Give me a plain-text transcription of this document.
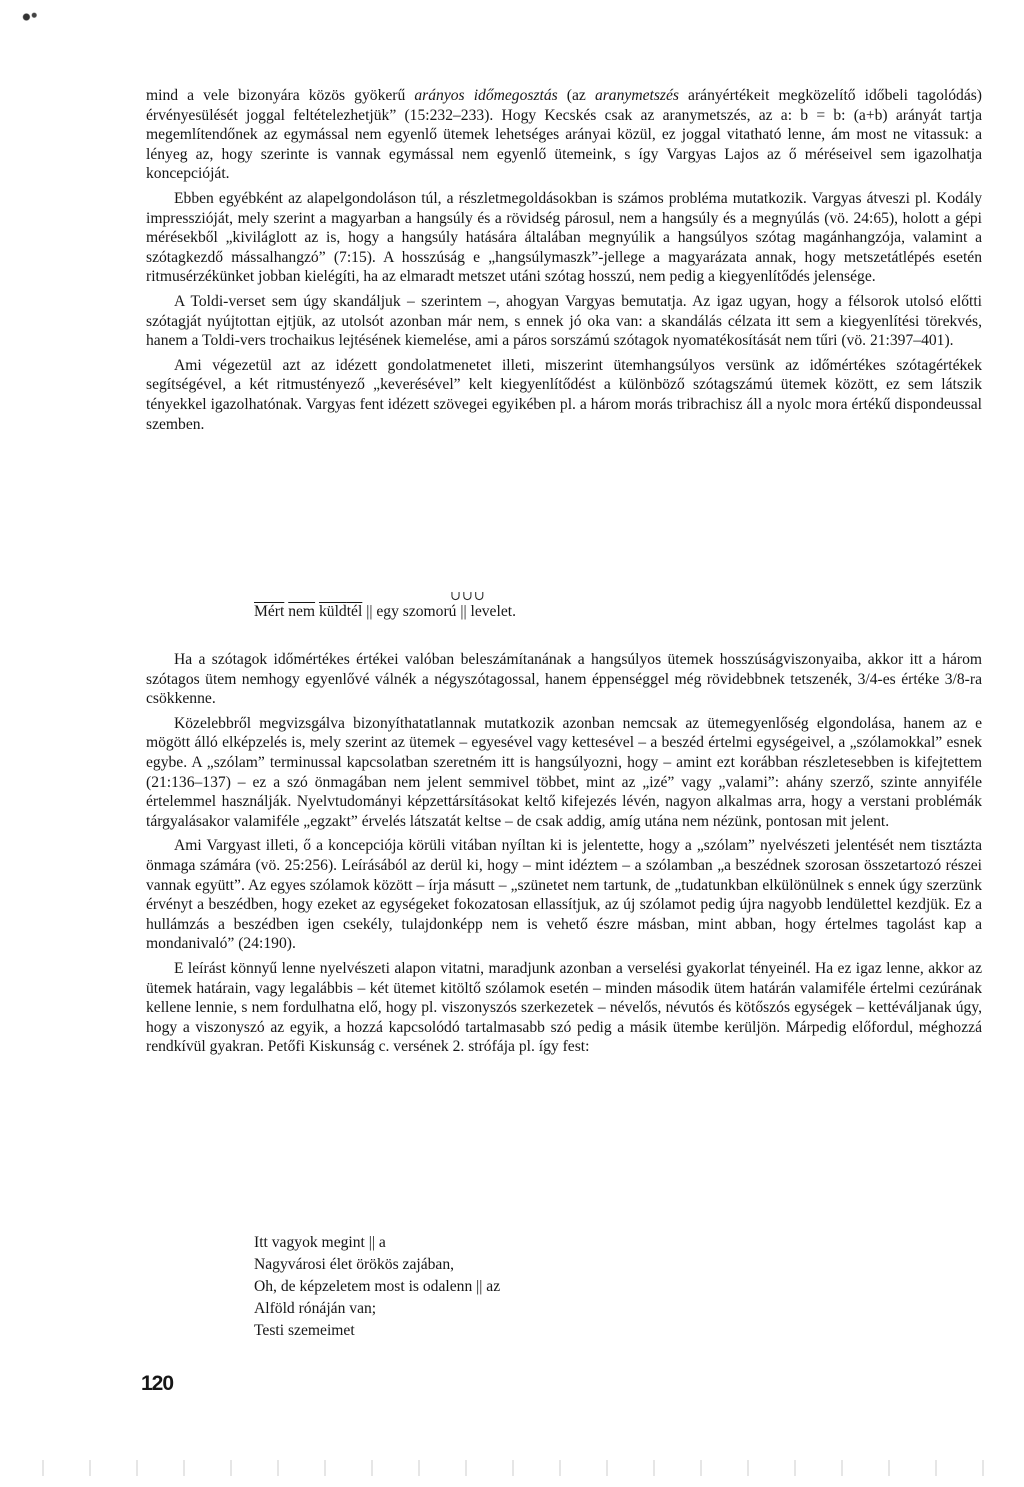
mind a vele bizonyára közös gyökerű arányos időmegosztás (az aranymetszés arányértékeit megközelítő időbeli tagolódás) érvényesülését joggal feltételezhetjük” (15:232–233). Hogy Kecskés csak az aranymetszés, az a: b = b: (a+b) arányát tartja megemlítendőnek az egymással nem egyenlő ütemek lehetséges arányai közül, ez joggal vitatható lenne, ám most ne vitassuk: a lényeg az, hogy szerinte is vannak egymással nem egyenlő ütemeink, s így Vargyas Lajos az ő méréseivel sem igazolhatja koncepcióját.

Ebben egyébként az alapelgondoláson túl, a részletmegoldásokban is számos probléma mutatkozik. Vargyas átveszi pl. Kodály impresszióját, mely szerint a magyarban a hangsúly és a rövidség párosul, nem a hangsúly és a megnyúlás (vö. 24:65), holott a gépi mérésekből „kiviláglott az is, hogy a hangsúly hatására általában megnyúlik a hangsúlyos szótag magánhangzója, valamint a szótagkezdő mássalhangzó” (7:15). A hosszúság e „hangsúlymaszk”-jellege a magyarázata annak, hogy metszetátlépés esetén ritmusérzékünket jobban kielégíti, ha az elmaradt metszet utáni szótag hosszú, nem pedig a kiegyenlítődés jelensége.

A Toldi-verset sem úgy skandáljuk – szerintem –, ahogyan Vargyas bemutatja. Az igaz ugyan, hogy a félsorok utolsó előtti szótagját nyújtottan ejtjük, az utolsót azonban már nem, s ennek jó oka van: a skandálás célzata itt sem a kiegyenlítési törekvés, hanem a Toldi-vers trochaikus lejtésének kiemelése, ami a páros sorszámú szótagok nyomatékosítását nem tűri (vö. 21:397–401).

Ami végezetül azt az idézett gondolatmenetet illeti, miszerint ütemhangsúlyos versünk az időmértékes szótagértékek segítségével, a két ritmustényező „keverésével” kelt kiegyenlítődést a különböző szótagszámú ütemek között, ez sem látszik tényekkel igazolhatónak. Vargyas fent idézett szövegei egyikében pl. a három morás tribrachisz áll a nyolc mora értékű dispondeussal szemben.

∪∪∪
Mért $\overline{nem}$ $küld\overline{tél}$ || egy szomorú || levelet.

Ha a szótagok időmértékes értékei valóban beleszámítanának a hangsúlyos ütemek hosszúságviszonyaiba, akkor itt a három szótagos ütem nemhogy egyenlővé válnék a négyszótagossal, hanem éppenséggel még rövidebbnek tetszenék, 3/4-es értéke 3/8-ra csökkenne.

Közelebbről megvizsgálva bizonyíthatatlannak mutatkozik azonban nemcsak az ütemegyenlőség elgondolása, hanem az e mögött álló elképzelés is, mely szerint az ütemek – egyesével vagy kettesével – a beszéd értelmi egységeivel, a „szólamokkal” esnek egybe. A „szólam” terminussal kapcsolatban szeretném itt is hangsúlyozni, hogy – amint ezt korábban részletesebben is kifejtettem (21:136–137) – ez a szó önmagában nem jelent semmivel többet, mint az „izé” vagy „valami”: ahány szerző, szinte annyiféle értelemmel használják. Nyelvtudományi képzettársításokat keltő kifejezés lévén, nagyon alkalmas arra, hogy a verstani problémák tárgyalásakor valamiféle „egzakt” érvelés látszatát keltse – de csak addig, amíg utána nem nézünk, pontosan mit jelent.

Ami Vargyast illeti, ő a koncepciója körüli vitában nyíltan ki is jelentette, hogy a „szólam” nyelvészeti jelentését nem tisztázta önmaga számára (vö. 25:256). Leírásából az derül ki, hogy – mint idéztem – a szólamban „a beszédnek szorosan összetartozó részei vannak együtt”. Az egyes szólamok között – írja másutt – „szünetet nem tartunk, de „tudatunkban elkülönülnek s ennek úgy szerzünk érvényt a beszédben, hogy ezeket az egységeket fokozatosan ellassítjuk, az új szólamot pedig újra nagyobb lendülettel kezdjük. Ez a hullámzás a beszédben igen csekély, tulajdonképp nem is vehető észre másban, mint abban, hogy értelmes tagolást kap a mondanivaló” (24:190).

E leírást könnyű lenne nyelvészeti alapon vitatni, maradjunk azonban a verselési gyakorlat tényeinél. Ha ez igaz lenne, akkor az ütemek határain, vagy legalábbis – két ütemet kitöltő szólamok esetén – minden második ütem határán valamiféle értelmi cezúrának kellene lennie, s nem fordulhatna elő, hogy pl. viszonyszós szerkezetek – névelős, névutós és kötőszós egységek – kettéváljanak úgy, hogy a viszonyszó az egyik, a hozzá kapcsolódó tartalmasabb szó pedig a másik ütembe kerüljön. Márpedig előfordul, méghozzá rendkívül gyakran. Petőfi Kiskunság c. versének 2. strófája pl. így fest:

Itt vagyok megint || a
Nagyvárosi élet örökös zajában,
Oh, de képzeletem most is odalenn || az
Alföld rónáján van;
Testi szemeimet
120
